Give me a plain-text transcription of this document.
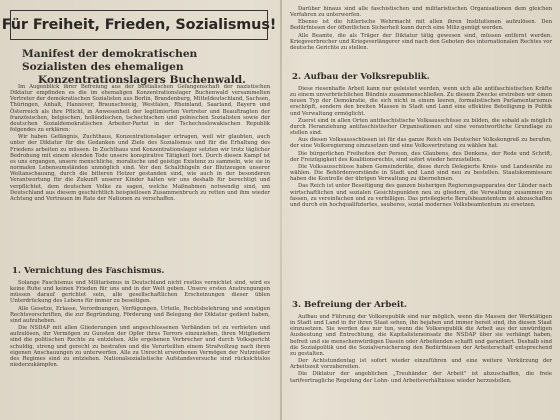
Für Freiheit, Frieden, Sozialismus!
Manifest der demokratischen Sozialisten des ehemaligen
Konzentrationslagers Buchenwald.

Im Augenblick ihrer Befreiung aus der bestialischen Gefangenschaft der nazistischen Diktatur empfinden es die im ehemaligen Konzentrationslager Buchenwald versammelten Vertreter der demokratischen Sozialisten aus Berlin, Brandenburg, Mitteldeutschland, Sachsen, Thüringen, Anhalt, Hannover, Braunschweig, Westfalen, Rheinland, Saarland, Bayern und Österreich als ihre Pflicht, in Anwesenheit der legitimierten Vertreter und Beauftragten der französischen, belgischen, holländischen, tschechischen und polnischen Sozialisten sowie der deutschen Sozialdemokratischen Arbeiter-Partei in der Tschechoslowakischen Republik folgendes zu erklären:

Wir haben Gefängnis, Zuchthaus, Konzentrationslager ertragen, weil wir glaubten, auch unter der Diktatur für die Gedanken und Ziele des Sozialismus und für die Erhaltung des Friedens arbeiten zu müssen. In Zuchthaus und Konzentrationslager setzten wir trotz täglicher Bedrohung mit einem elenden Tode unsere konspirative Tätigkeit fort. Durch diesen Kampf ist es uns ergangen, unsere menschliche, moralische und geistige Existenz zu sammeln, wie sie in normalen Lebensumständen unmöglich sind. Vor den Schalthügeln der Blutzeugen unserer Weltanschauung, durch die bitteren Hetzer gestanden sind, wie auch in der besonderen Verantwortung für die Zukunft unserer Kinder halten wir uns deshalb für berechtigt und verpflichtet, dem deutschen Volke zu sagen, welche Maßnahmen notwendig sind, um Deutschland aus diesem geschichtlich beispiellosen Zusammenbruch zu retten und ihm wieder Achtung und Vertrauen im Rate der Nationen zu verschaffen.

1. Vernichtung des Faschismus.

Solange Faschismus und Militarismus in Deutschland nicht restlos vernichtet sind, wird es keine Ruhe und keinen Frieden für uns und in der Welt geben. Unsere ersten Anstrengungen müssen darauf gerichtet sein, alle gesellschaftlichen Erscheinungen dieser üblen Unterdrückung des Lebens für immer zu beseitigen.

Alle Gesetze, Erlasse, Verordnungen, Verfügungen, Urteile, Rechtsbelehrung und sonstigen Rechtsvorschriften, die zur Begründung, Förderung und Belegung der Diktatur gedient haben, sind aufzuheben.

Die NSDAP mit allen Gliederungen und angeschlossenen Verbänden ist zu verbieten und aufzulösen, ihr Vermögen zu Gunsten der Opfer ihres Terrors einzuziehen, ihren Mitgliedern sind die politischen Rechte zu entziehen. Alle ergebenen Verbrecher und durch Volksgericht schuldig, streng und gerecht zu bestrafen und die Verurteilten einem Strafvollzug nach ihren eigenen Anschauungen zu unterwerfen. Alle zu Unrecht erworbenen Vermögen der Nutznießer des Regimes sind zu entziehen. Nationalsozialistische Aufstandsversuche sind rücksichtslos niederzukämpfen.

Darüber hinaus sind alle faschistischen und militaristischen Organisationen dem gleichen Verfahren zu unterwerfen.

Ebenso ist die hitlerische Wehrmacht mit allen ihren Institutionen aufzulösen. Den Bedürfnissen der öffentlichen Sicherheit kann durch eine Miliz genügt werden.

Alle Beamte, die als Träger der Diktatur tätig gewesen sind, müssen entfernt werden. Kriegsverbrecher und Kriegsverlängerer sind nach den Geboten des internationalen Rechtes vor deutsche Gerichte zu stellen.

2. Aufbau der Volksrepublik.

Diese riesenhafte Arbeit kann nur geleistet werden, wenn sich alle antifaschistischen Kräfte zu einem unverbrüchlichen Bündnis zusammenschließen. Zu diesem Zwecke erstreben wir einen neuen Typ der Demokratie, die sich nicht in einem leeren, formalistischen Parlamentarismus erschöpft, sondern den breiten Massen in Stadt und Land eine effektive Beteiligung in Politik und Verwaltung ermöglicht.

Zuerst sind in allen Orten antifaschistische Volksausschüsse zu bilden, die sobald als möglich durch Heranziehung antifaschistischer Organisationen auf eine verantwortliche Grundlage zu stellen sind.

Aus diesen Volksausschüssen ist für das ganze Reich ein Deutscher Volkskongreß zu berufen, der eine Volksregierung einzusetzen und eine Volksvertretung zu wählen hat.

Die bürgerlichen Freiheiten der Person, des Glaubens, des Denkens, der Rede und Schrift, der Freizügigkeit des Koalitionsrechts, sind sofort wieder herzustellen.

Die Volksausschüsse haben Gemeinderäte, diese durch Delegierte Kreis- und Landesräte zu wählen. Die Behördenvorstände in Stadt und Land sind neu zu bestellen. Staatskommissare haben die Kontrolle der übrigen Verwaltung zu übernehmen.

Das Reich ist unter Beseitigung des ganzen bisherigen Regierungsapparates der Länder nach wirtschaftlichen und sozialen Gesichtspunkten neu zu gliedern, die Verwaltung zusammen zu fassen, zu vereinfachen und zu verbilligen. Das privilegierte Berufsbeamtentum ist abzuschaffen und durch ein hochqualifiziertes, sauberes, sozial modernes Volksbeamtentum zu ersetzen.

3. Befreiung der Arbeit.

Aufbau und Führung der Volksrepublik sind nur möglich, wenn die Massen der Werktätigen in Stadt und Land in ihr ihren Staat sehen, ihn bejahen und immer bereit sind, ihn diesen Staat einzusetzen. Sie werden das nur tun, wenn die Volksrepublik die Arbeit aus der unwürdigen Ausbeutung und Entrechtung, die Kapitalisteneinsatz die NSDAP über sie verhängt haben, befreit und sie menschenwürdigen Dasein oder Arbeitenden schafft und garantiert. Deshalb sind die Sozialpolitik und die Sozialversicherung den Bedürfnissen der Arbeiterschaft entsprechend zu gestalten.

Der Achtstundentag ist sofort wieder einzuführen und eine weitere Verkürzung der Arbeitszeit vorzubereiten.

Die Diktatur der angeblichen „Treuhänder der Arbeit" ist abzuschaffen, die freie tarifvertragliche Regelung der Lohn- und Arbeitsverhältnisse wieder herzustellen.
